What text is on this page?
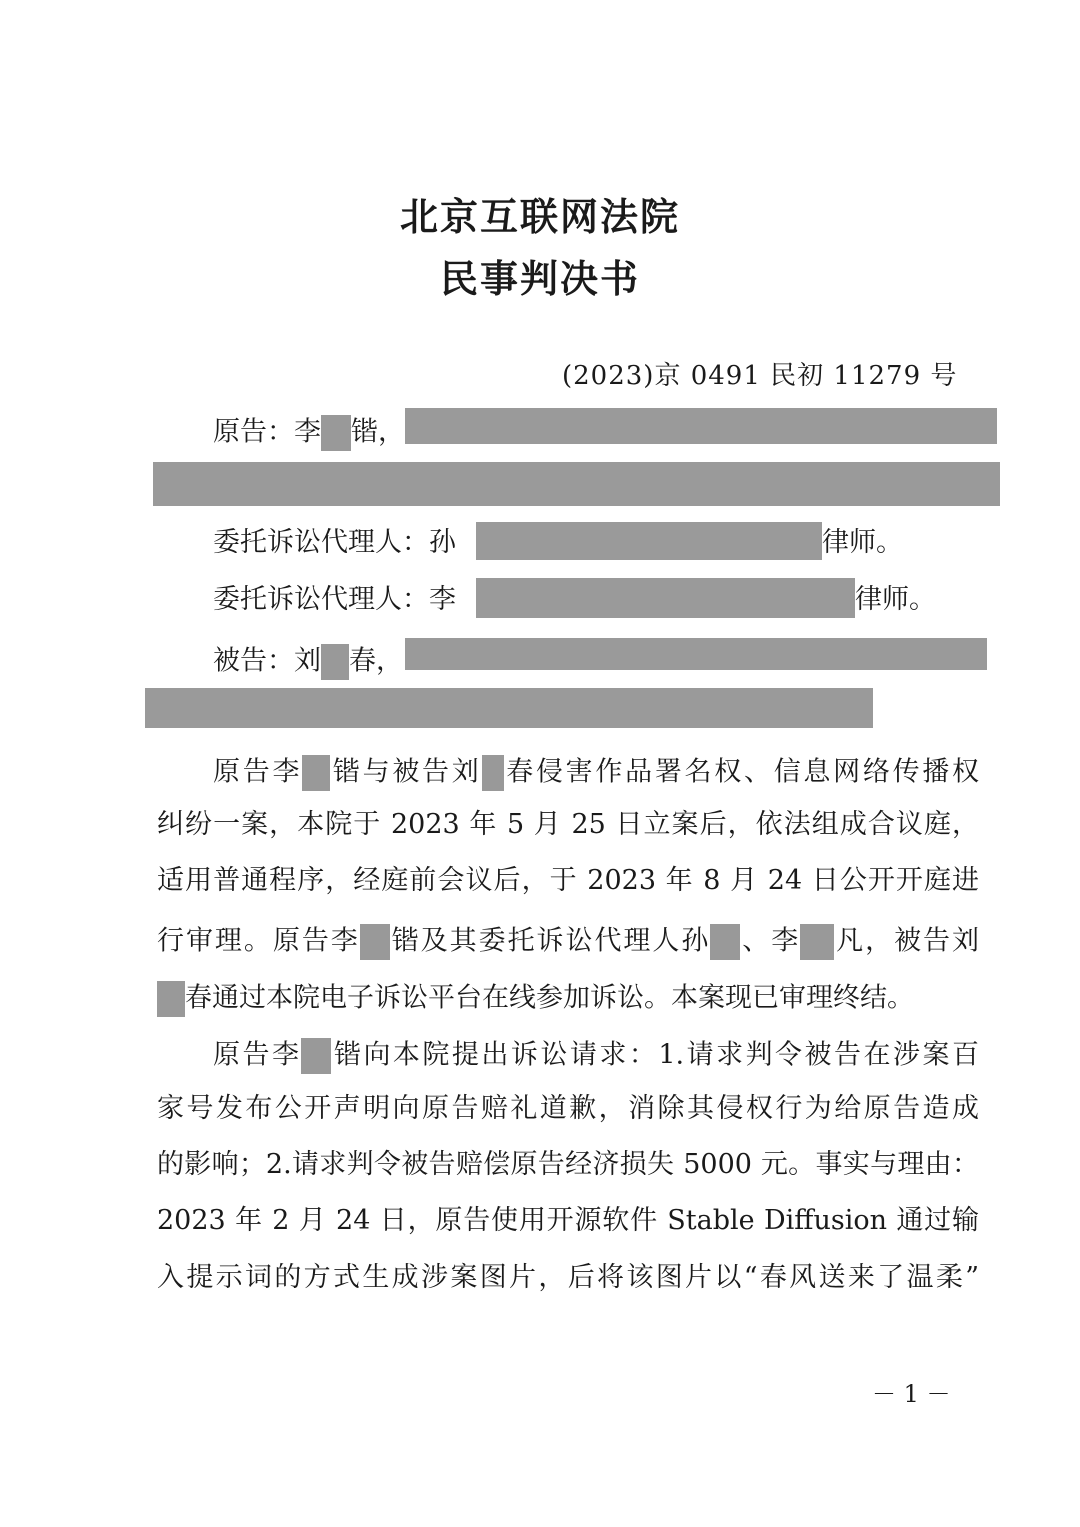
北京互联网法院
民事判决书
(2023)京 0491 民初 11279 号
原告：李 锴，
委托诉讼代理人：孙	律师。
委托诉讼代理人：李	律师。
被告：刘 春，
原告李 锴与被告刘 春侵害作品署名权、信息网络传播权
纠纷一案，本院于 2023 年 5 月 25 日立案后，依法组成合议庭，
适用普通程序，经庭前会议后，于 2023 年 8 月 24 日公开开庭进
行审理。原告李 锴及其委托诉讼代理人孙 、李 凡，被告刘
春通过本院电子诉讼平台在线参加诉讼。本案现已审理终结。
原告李 锴向本院提出诉讼请求：1.请求判令被告在涉案百
家号发布公开声明向原告赔礼道歉，消除其侵权行为给原告造成
的影响；2.请求判令被告赔偿原告经济损失 5000 元。事实与理由：
2023 年 2 月 24 日，原告使用开源软件 Stable Diffusion 通过输
入提示词的方式生成涉案图片，后将该图片以“春风送来了温柔”
－ 1 －
